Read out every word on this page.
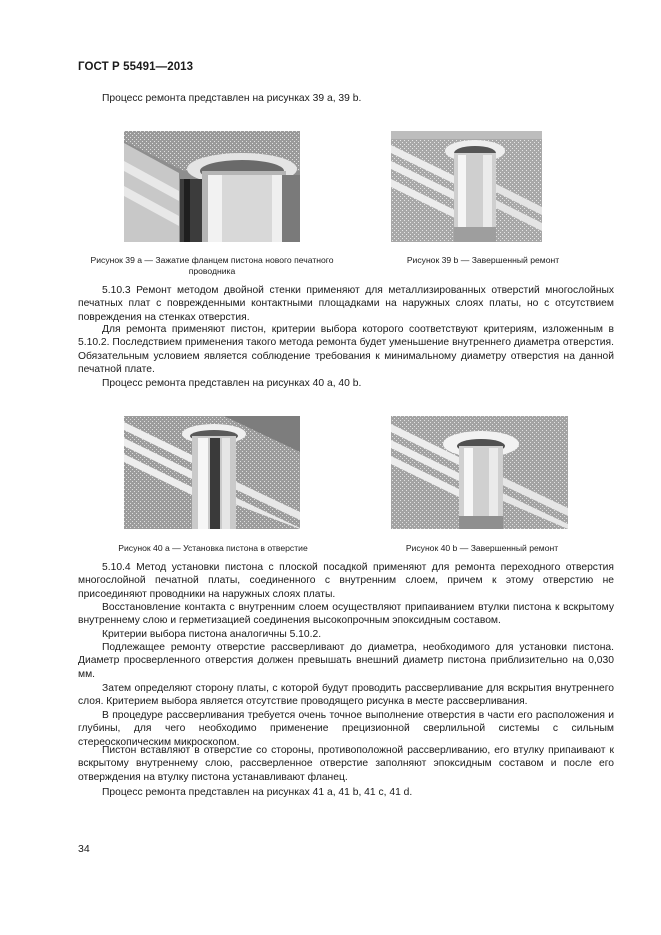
ГОСТ Р 55491—2013

Процесс ремонта представлен на рисунках 39 а, 39 b.

Рисунок 39 а — Зажатие фланцем пистона нового печатного проводника
Рисунок 39 b — Завершенный ремонт

5.10.3 Ремонт методом двойной стенки применяют для металлизированных отверстий многослойных печатных плат с поврежденными контактными площадками на наружных слоях платы, но с отсутствием повреждения на стенках отверстия.

Для ремонта применяют пистон, критерии выбора которого соответствуют критериям, изложенным в 5.10.2. Последствием применения такого метода ремонта будет уменьшение внутреннего диаметра отверстия. Обязательным условием является соблюдение требования к минимальному диаметру отверстия на данной печатной плате.

Процесс ремонта представлен на рисунках 40 а, 40 b.

Рисунок 40 а — Установка пистона в отверстие	Рисунок 40 b — Завершенный ремонт

5.10.4 Метод установки пистона с плоской посадкой применяют для ремонта переходного отверстия многослойной печатной платы, соединенного с внутренним слоем, причем к этому отверстию не присоединяют проводники на наружных слоях платы.

Восстановление контакта с внутренним слоем осуществляют припаиванием втулки пистона к вскрытому внутреннему слою и герметизацией соединения высокопрочным эпоксидным составом.

Критерии выбора пистона аналогичны 5.10.2.

Подлежащее ремонту отверстие рассверливают до диаметра, необходимого для установки пистона. Диаметр просверленного отверстия должен превышать внешний диаметр пистона приблизительно на 0,030 мм.

Затем определяют сторону платы, с которой будут проводить рассверливание для вскрытия внутреннего слоя. Критерием выбора является отсутствие проводящего рисунка в месте рассверливания.

В процедуре рассверливания требуется очень точное выполнение отверстия в части его расположения и глубины, для чего необходимо применение прецизионной сверлильной системы с сильным стереоскопическим микроскопом.

Пистон вставляют в отверстие со стороны, противоположной рассверливанию, его втулку припаивают к вскрытому внутреннему слою, рассверленное отверстие заполняют эпоксидным составом и после его отверждения на втулку пистона устанавливают фланец.

Процесс ремонта представлен на рисунках 41 а, 41 b, 41 c, 41 d.

34
